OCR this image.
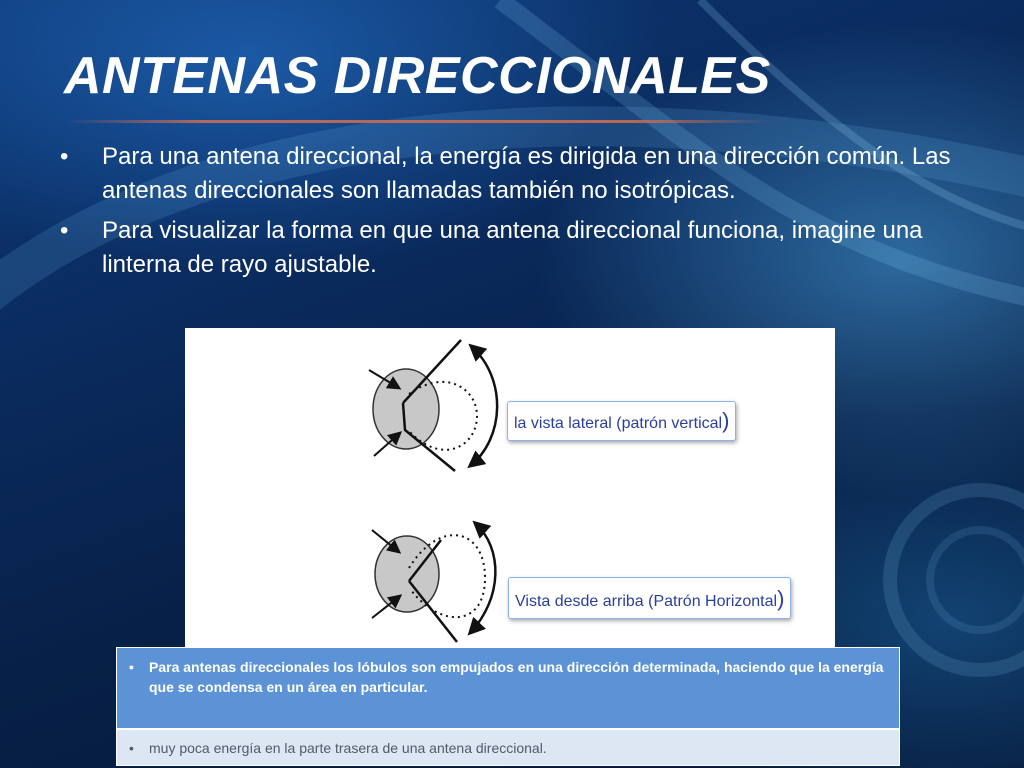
ANTENAS DIRECCIONALES
• Para una antena direccional, la energía es dirigida en una dirección común. Las antenas direccionales son llamadas también no isotrópicas.
• Para visualizar la forma en que una antena direccional funciona, imagine una linterna de rayo ajustable.
la vista lateral (patrón vertical)
Vista desde arriba (Patrón Horizontal)
•	Para antenas direccionales los lóbulos son empujados en una dirección determinada, haciendo que la energía que se condensa en un área en particular.
•	muy poca energía en la parte trasera de una antena direccional.
